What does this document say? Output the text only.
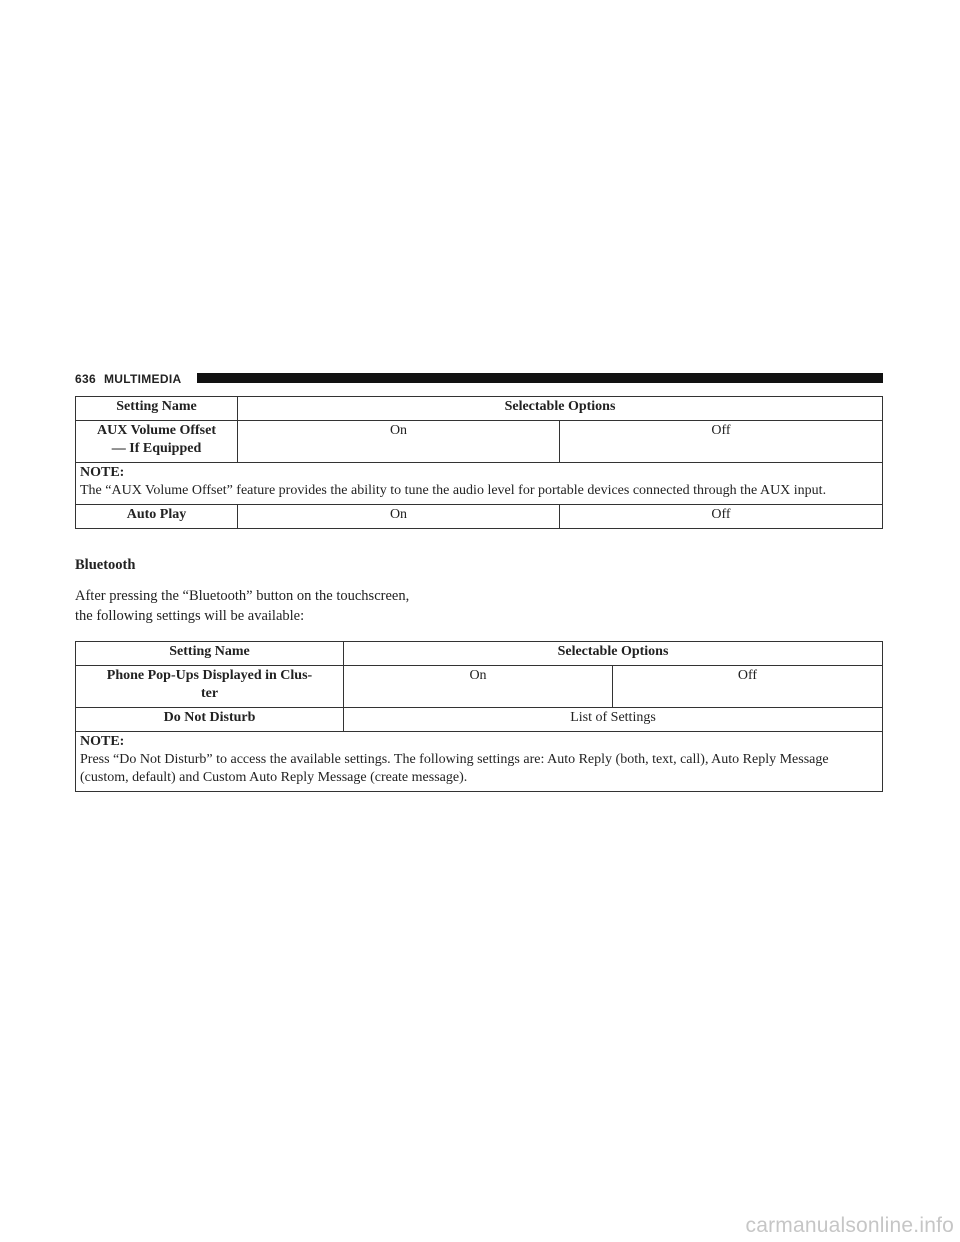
636 MULTIMEDIA
Setting Name	Selectable Options	
AUX Volume Offset
— If Equipped	On	Off

NOTE:
The “AUX Volume Offset” feature provides the ability to tune the audio level for portable devices connected through the AUX input.		

Auto Play	On	Off
Bluetooth
After pressing the “Bluetooth” button on the touchscreen,
the following settings will be available:
Setting Name	Selectable Options	
Phone Pop-Ups Displayed in Clus-
ter	On	Off
Do Not Disturb	List of Settings	

NOTE:
Press “Do Not Disturb” to access the available settings. The following settings are: Auto Reply (both, text, call), Auto Reply Message (custom, default) and Custom Auto Reply Message (create message).		
carmanualsonline.info
